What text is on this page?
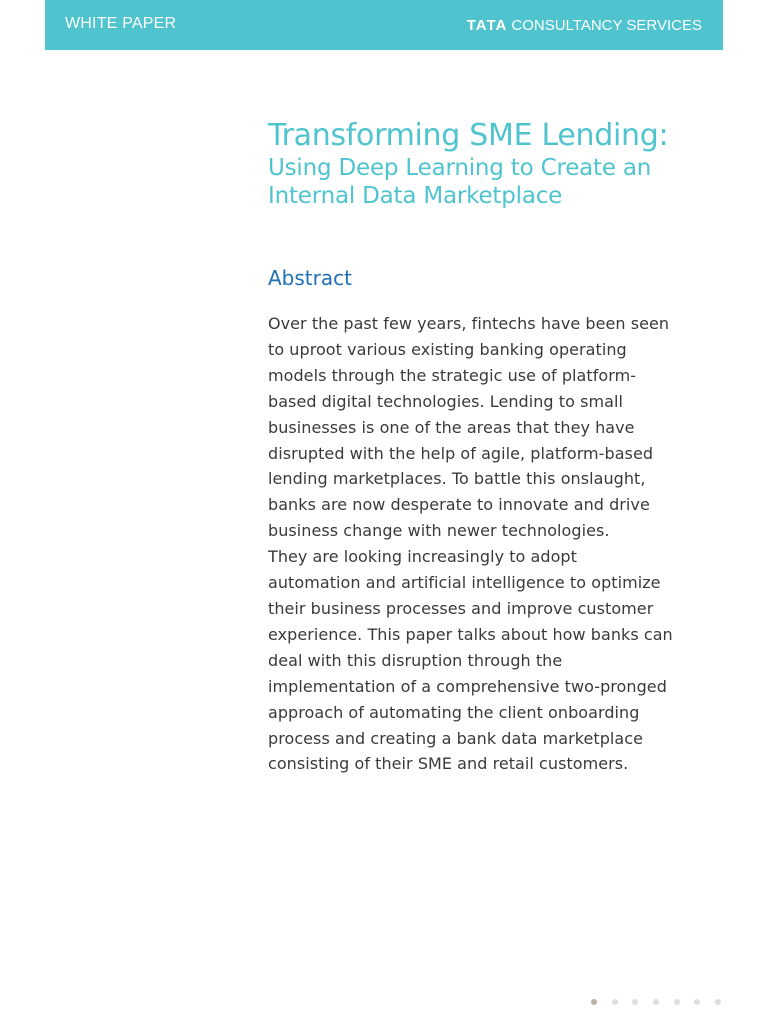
WHITE PAPER	TATA CONSULTANCY SERVICES
Transforming SME Lending:
Using Deep Learning to Create an
Internal Data Marketplace
Abstract
Over the past few years, fintechs have been seen
to uproot various existing banking operating
models through the strategic use of platform-
based digital technologies. Lending to small
businesses is one of the areas that they have
disrupted with the help of agile, platform-based
lending marketplaces. To battle this onslaught,
banks are now desperate to innovate and drive
business change with newer technologies.
They are looking increasingly to adopt
automation and artificial intelligence to optimize
their business processes and improve customer
experience. This paper talks about how banks can
deal with this disruption through the
implementation of a comprehensive two-pronged
approach of automating the client onboarding
process and creating a bank data marketplace
consisting of their SME and retail customers.
